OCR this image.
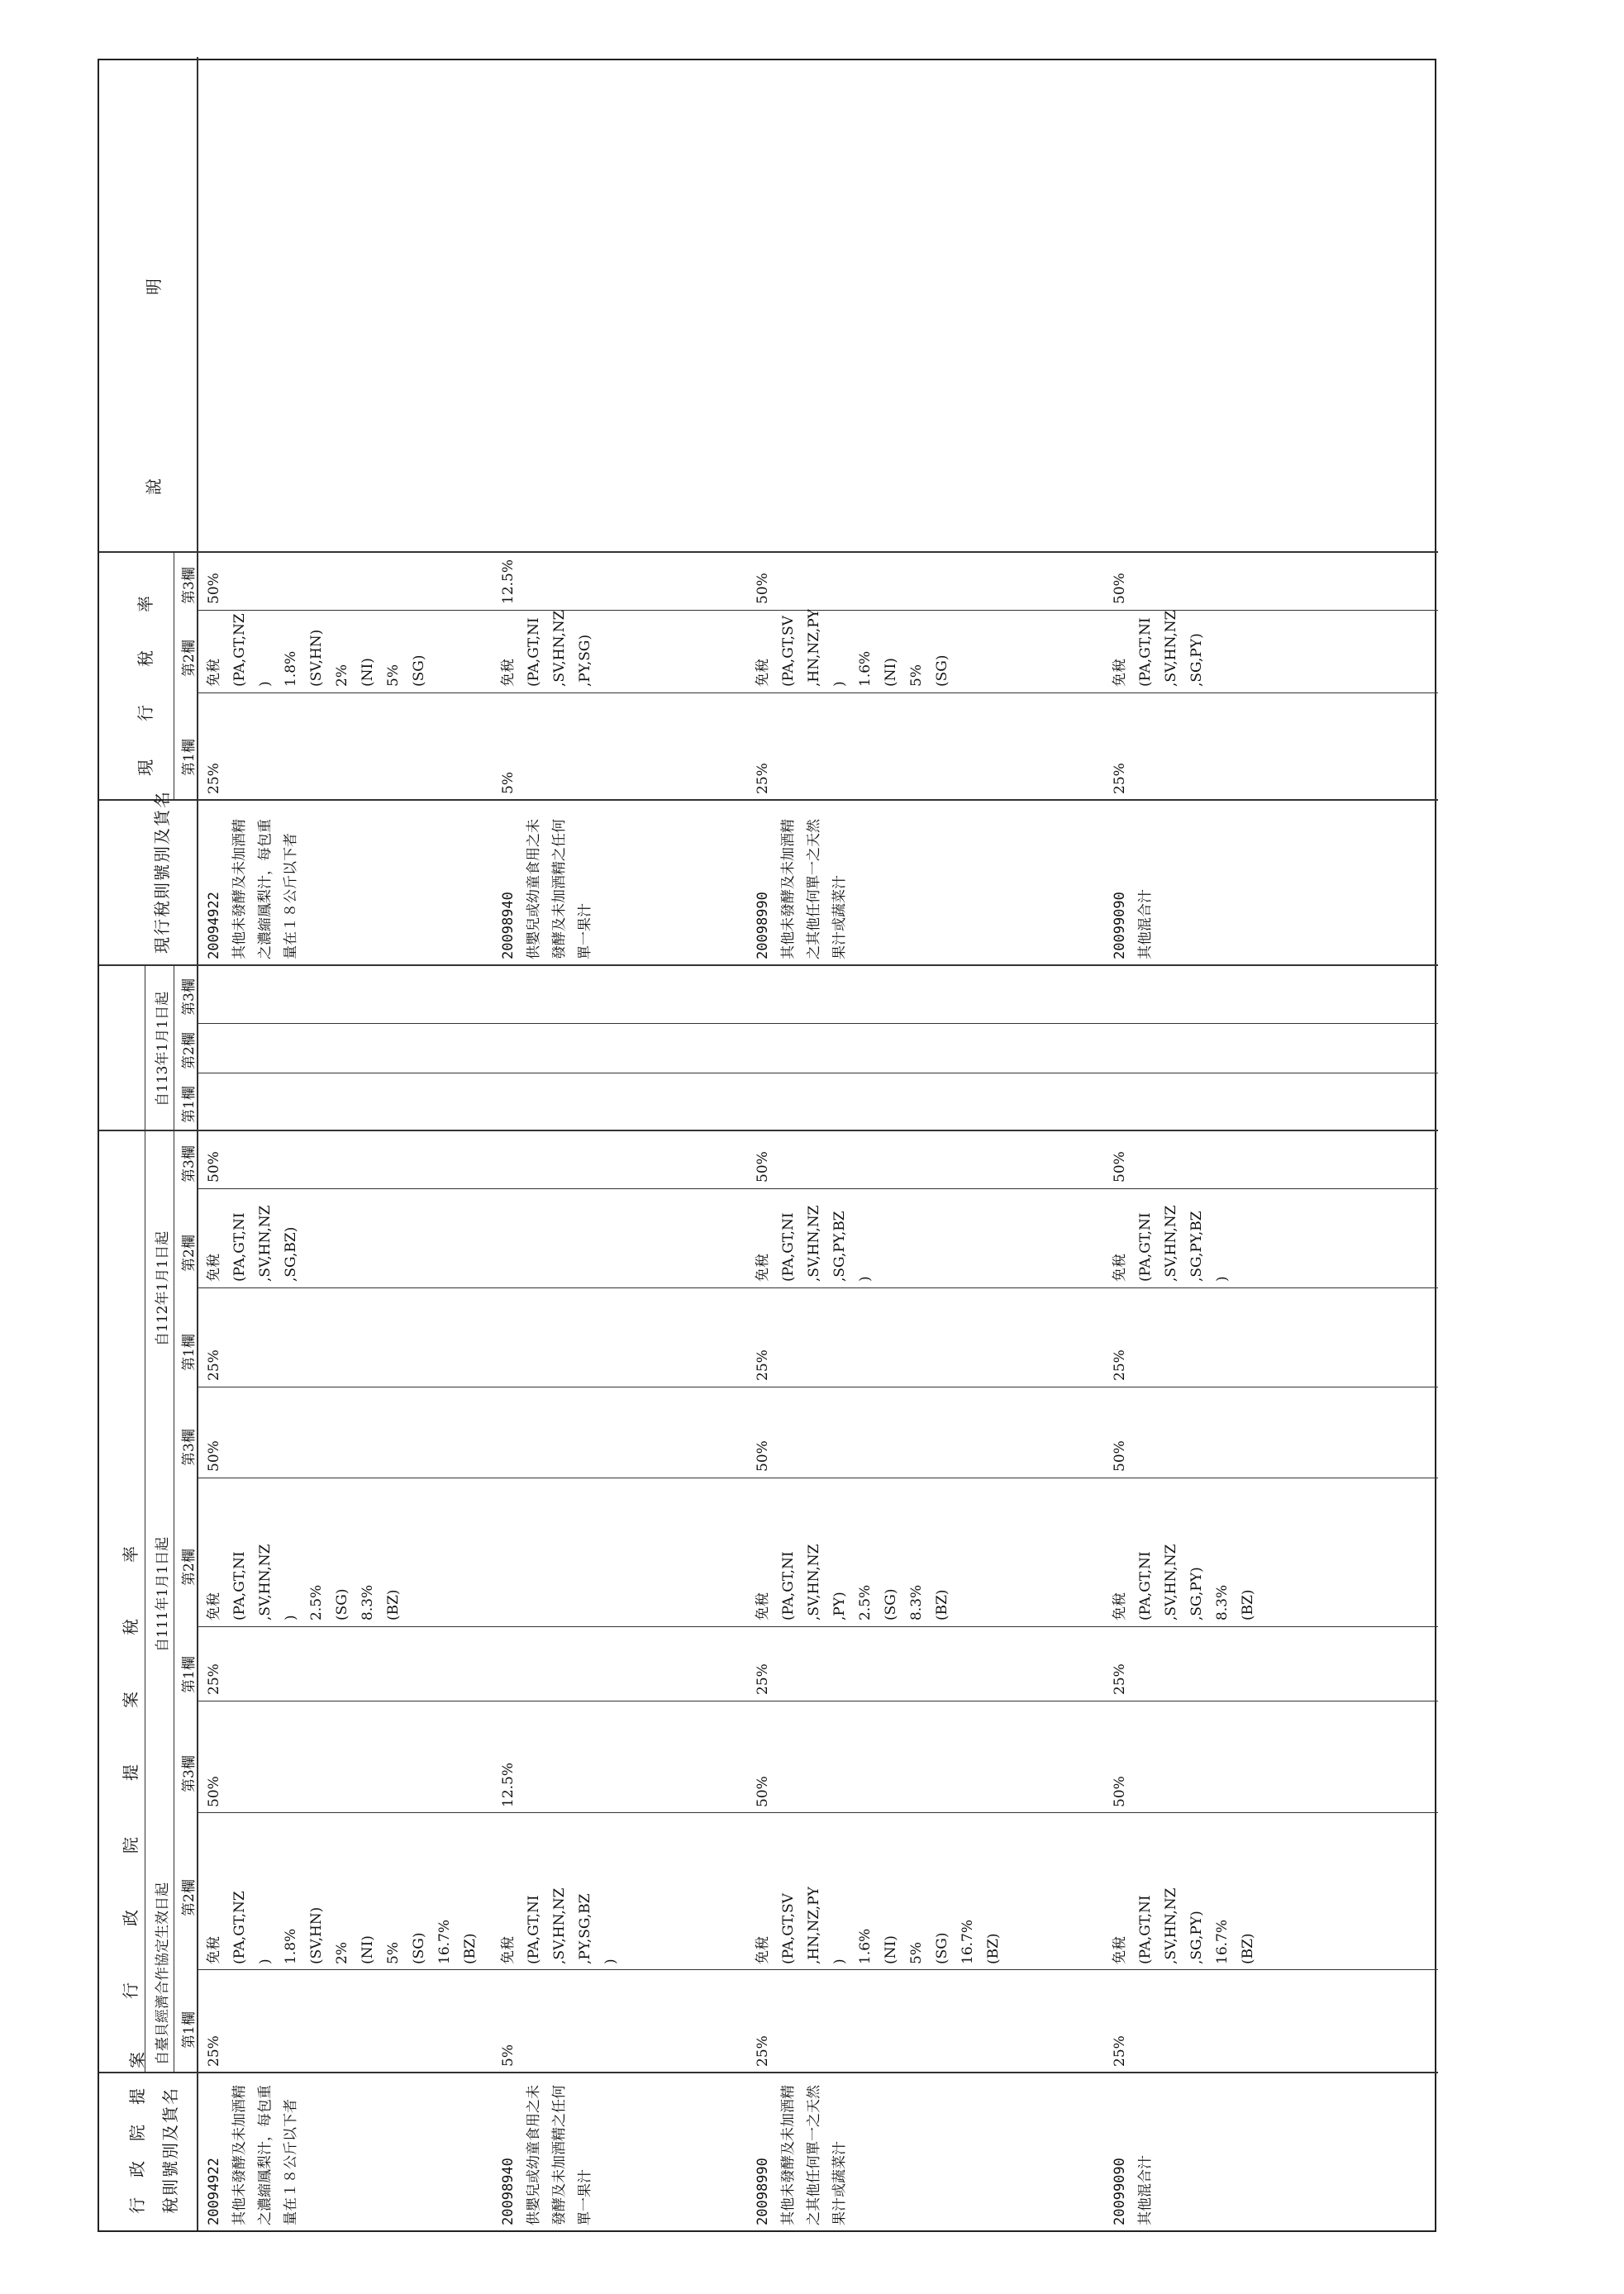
行　政　院　提　案 稅則號別及貨名
行　　　政　　　院　　　提　　　案　　　稅　　　率 自臺貝經濟合作協定生效日起
自111年1月1日起
自112年1月1日起
自113年1月1日起
現行稅則號別及貨名
現　　行　　稅　　率
說　　　　　　　　　　明
第1欄
第2欄
第3欄
第1欄
第2欄
第3欄
第1欄
第2欄
第3欄
第1欄
第2欄
第3欄
第1欄
第2欄
第3欄
20094922 其他未發酵及未加酒精
之濃縮鳳梨汁，每包重
量在１８公斤以下者
25%
免稅
(PA,GT,NZ
)
1.8%
(SV,HN)
2%
(NI)
5%
(SG)
16.7%
(BZ)
50%
25%
免稅
(PA,GT,NI
,SV,HN,NZ
)
2.5%
(SG)
8.3%
(BZ)
50%
25%
免稅
(PA,GT,NI
,SV,HN,NZ
,SG,BZ)
50%
20094922 其他未發酵及未加酒精
之濃縮鳳梨汁，每包重
量在１８公斤以下者
25%
免稅
(PA,GT,NZ
)
1.8%
(SV,HN)
2%
(NI)
5%
(SG)
50%
20098940 供嬰兒或幼童食用之未
發酵及未加酒精之任何
單一果汁
5%
免稅
(PA,GT,NI
,SV,HN,NZ
,PY,SG,BZ
)
12.5%
20098940 供嬰兒或幼童食用之未
發酵及未加酒精之任何
單一果汁
5%
免稅
(PA,GT,NI
,SV,HN,NZ
,PY,SG)
12.5%
20098990 其他未發酵及未加酒精
之其他任何單一之天然
果汁或蔬菜汁
25%
免稅
(PA,GT,SV
,HN,NZ,PY
)
1.6%
(NI)
5%
(SG)
16.7%
(BZ)
50%
25%
免稅
(PA,GT,NI
,SV,HN,NZ
,PY)
2.5%
(SG)
8.3%
(BZ)
50%
25%
免稅
(PA,GT,NI
,SV,HN,NZ
,SG,PY,BZ
)
50%
20098990 其他未發酵及未加酒精
之其他任何單一之天然
果汁或蔬菜汁
25%
免稅
(PA,GT,SV
,HN,NZ,PY
)
1.6%
(NI)
5%
(SG)
50%
20099090 其他混合汁
25%
免稅
(PA,GT,NI
,SV,HN,NZ
,SG,PY)
16.7%
(BZ)
50%
25%
免稅
(PA,GT,NI
,SV,HN,NZ
,SG,PY)
8.3%
(BZ)
50%
25%
免稅
(PA,GT,NI
,SV,HN,NZ
,SG,PY,BZ
)
50%
20099090 其他混合汁
25%
免稅
(PA,GT,NI
,SV,HN,NZ
,SG,PY)
50%
